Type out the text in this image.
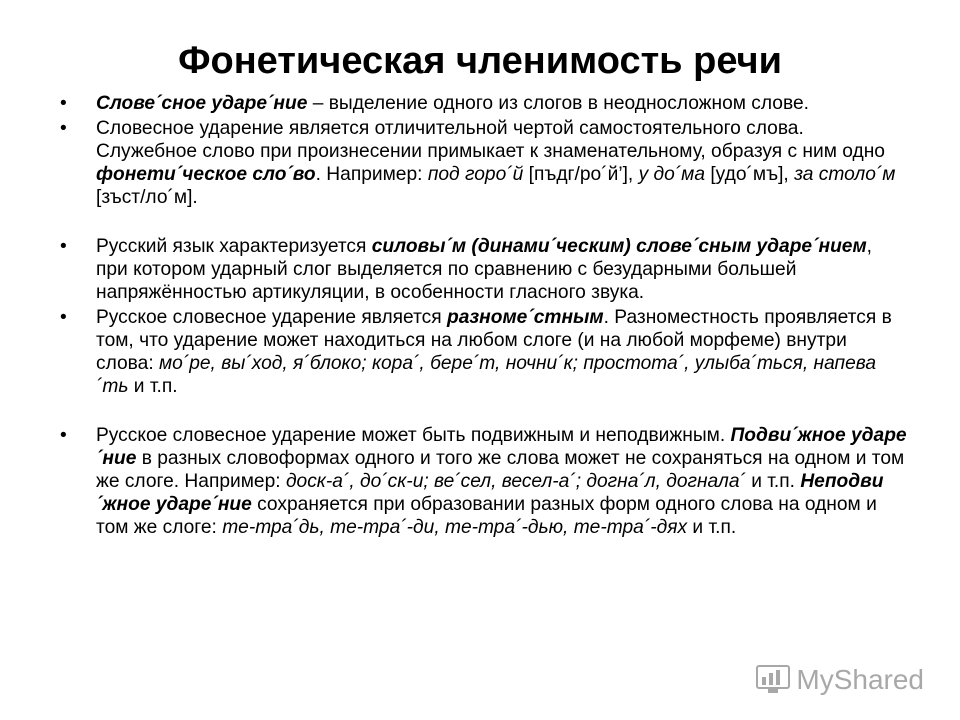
Фонетическая членимость речи
• Слове´сное ударе´ние – выделение одного из слогов в неодносложном слове.
• Словесное ударение является отличительной чертой самостоятельного слова. Служебное слово при произнесении примыкает к знаменательному, образуя с ним одно фонети´ческое сло´во. Например: под горо´й [пъдг/ро´й’], у до´ма [удо´мъ], за столо´м [зъст/ло´м].
• Русский язык характеризуется силовы´м (динами´ческим) слове´сным ударе´нием, при котором ударный слог выделяется по сравнению с безударными большей напряжённостью артикуляции, в особенности гласного звука.
• Русское словесное ударение является разноме´стным. Разноместность проявляется в том, что ударение может находиться на любом слоге (и на любой морфеме) внутри слова: мо´ре, вы´ход, я´блоко; кора´, бере´т, ночни´к; простота´, улыба´ться, напева´ть и т.п.
• Русское словесное ударение может быть подвижным и неподвижным. Подви´жное ударе´ние в разных словоформах одного и того же слова может не сохраняться на одном и том же слоге. Например: доск-а´, до´ск-и; ве´сел, весел-а´; догна´л, догнала´ и т.п. Неподви´жное ударе´ние сохраняется при образовании разных форм одного слова на одном и том же слоге: те-тра´дь, те-тра´-ди, те-тра´-дью, те-тра´-дях и т.п.
MyShared
